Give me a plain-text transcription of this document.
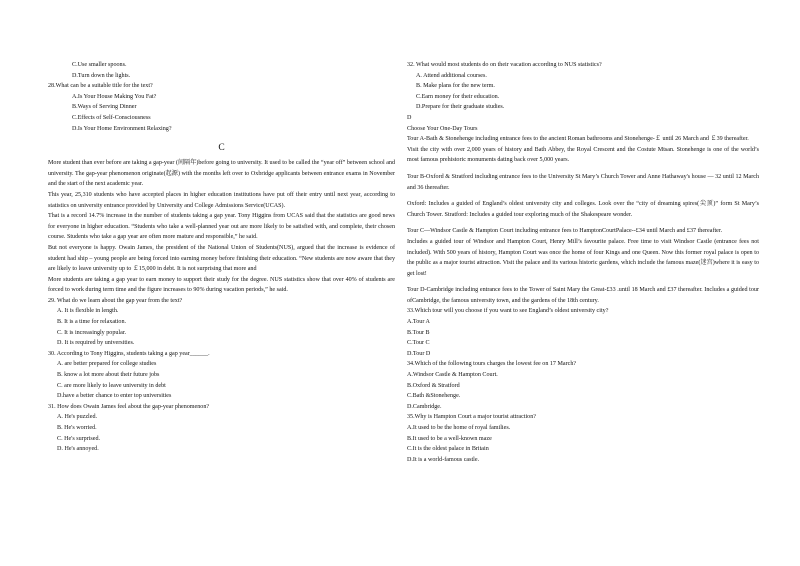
C.Use smaller spoons.
D.Turn down the lights.
28.What can be a suitable title for the text?
A.Is Your House Making You Fat?
B.Ways of Serving Dinner
C.Effects of Self-Consciousness
D.Is Your Home Environment Relaxing?
C
More student than ever before are taking a gap-year (间隔年)before going to university. It used to be called the “year off” between school and university. The gap-year phenomenon originate(起源) with the months left over to Oxbridge applicants between entrance exams in November and the start of the next academic year.
This year, 25,310 students who have accepted places in higher education institutions have put off their entry until next year, according to statistics on university entrance provided by University and College Admissions Service(UCAS).
That is a record 14.7% increase in the number of students taking a gap year. Tony Higgins from UCAS said that the statistics are good news for everyone in higher education. “Students who take a well-planned year out are more likely to be satisfied with, and complete, their chosen course. Students who take a gap year are often more mature and responsible,” he said.
But not everyone is happy. Owain James, the president of the National Union of Students(NUS), argued that the increase is evidence of student had ship – young people are being forced into earning money before finishing their education. “New students are now aware that they are likely to leave university up to ￡15,000 in debt. It is not surprising that more and
More students are taking a gap year to earn money to support their study for the degree. NUS statistics show that over 40% of students are forced to work during term time and the figure increases to 90% during vacation periods,” he said.
29. What do we learn about the gap year from the text?
A. It is flexible in length.
B. It is a time for relaxation.
C. It is increasingly popular.
D. It is required by universities.
30. According to Tony Higgins, students taking a gap year______.
A. are better prepared for college studies
B. know a lot more about their future jobs
C. are more likely to leave university in debt
D.have a better chance to enter top universities
31. How does Owain James feel about the gap-year phenomenon?
A. He's puzzled.
B. He's worried.
C. He's surprised.
D. He's annoyed.
32. What would most students do on their vacation according to NUS statistics?
A. Attend additional courses.
B. Make plans for the new term.
C.Earn money for their education.
D.Prepare for their graduate studies.
D
Choose Your One-Day Tours
Tour A-Bath & Stonehenge including entrance fees to the ancient Roman bathrooms and Stonehenge-￡ until 26 March and ￡39 thereafter.
Visit the city with over 2,000 years of history and Bath Abbey, the Royal Crescent and the Costute Mtsan. Stonehenge is one of the world’s most famous prehistoric monuments dating back over 5,000 years.
Tour B-Oxford & Stratford including entrance fees to the University St Mary’s Church Tower and Anne Hathaway's house — 32 until 12 March and 36 thereafter.
Oxford: Includes a guided of England’s oldest university city and colleges. Look over the “city of dreaming spires(尖顶)” form St Mary’s Church Tower. Stratford: Includes a guided tour exploring much of the Shakespeare wonder.
Tour C—Windsor Castle & Hampton Court including entrance fees to HamptonCourtPalace--£34 until March and £37 thereafter.
Includes a guided tour of Windsor and Hampton Court, Henry Mill’s favourite palace. Free time to visit Windsor Castle (entrance fees not included). With 500 years of history, Hampton Court was once the home of four Kings and one Queen. Now this former royal palace is open to the public as a major tourist attraction. Visit the palace and its various historic gardens, which include the famous maze(迷宫)where it is easy to get lost!
Tour D-Cambridge including entrance fees to the Tower of Saint Mary the Great-£33 .until 18 March and £37 thereafter. Includes a guided tour ofCambridge, the famous university town, and the gardens of the 18th century.
33.Which tour will you choose if you want to see England’s oldest university city?
A.Tour A
B.Tour B
C.Tour C
D.Tour D
34.Which of the following tours charges the lowest fee on 17 March?
A.Windsor Castle & Hampton Court.
B.Oxford & Stratford
C.Bath &Stonehenge.
D.Cambridge.
35.Why is Hampton Court a major tourist attraction?
A.It used to be the home of royal families.
B.It used to be a well-known maze
C.It is the oldest palace in Britain
D.It is a world-famous castle.
